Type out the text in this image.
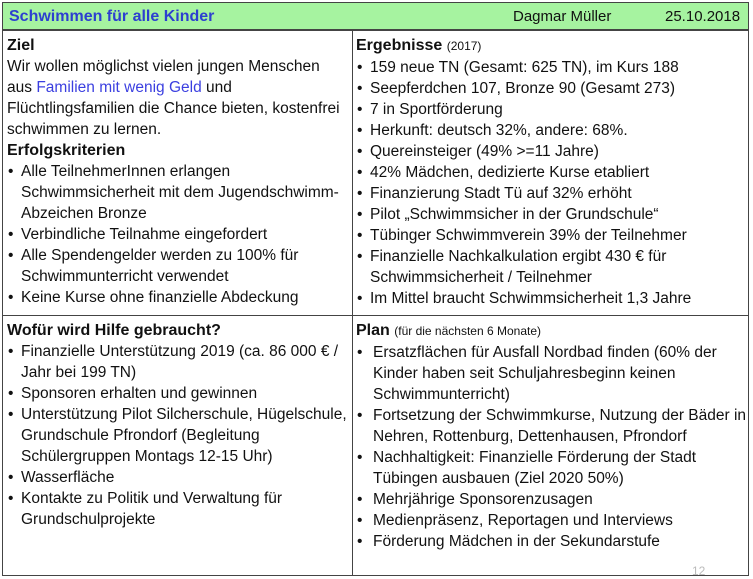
Schwimmen für alle Kinder	Dagmar Müller	25.10.2018
Ziel
Wir wollen möglichst vielen jungen Menschen aus Familien mit wenig Geld und Flüchtlingsfamilien die Chance bieten, kostenfrei schwimmen zu lernen.
Erfolgskriterien
• Alle TeilnehmerInnen erlangen Schwimmsicherheit mit dem Jugendschwimm-Abzeichen Bronze
• Verbindliche Teilnahme eingefordert
• Alle Spendengelder werden zu 100% für Schwimmunterricht verwendet
• Keine Kurse ohne finanzielle Abdeckung
Ergebnisse (2017)
• 159 neue TN (Gesamt: 625 TN), im Kurs 188
• Seepferdchen 107, Bronze 90 (Gesamt 273)
• 7 in Sportförderung
• Herkunft: deutsch 32%, andere: 68%.
• Quereinsteiger (49% >=11 Jahre)
• 42% Mädchen, dedizierte Kurse etabliert
• Finanzierung Stadt Tü auf 32% erhöht
• Pilot „Schwimmsicher in der Grundschule“
• Tübinger Schwimmverein 39% der Teilnehmer
• Finanzielle Nachkalkulation ergibt 430 € für Schwimmsicherheit / Teilnehmer
• Im Mittel braucht Schwimmsicherheit 1,3 Jahre
Wofür wird Hilfe gebraucht?
• Finanzielle Unterstützung 2019 (ca. 86 000 € / Jahr bei 199 TN)
• Sponsoren erhalten und gewinnen
• Unterstützung Pilot Silcherschule, Hügelschule, Grundschule Pfrondorf (Begleitung Schülergruppen Montags 12-15 Uhr)
• Wasserfläche
• Kontakte zu Politik und Verwaltung für Grundschulprojekte
Plan (für die nächsten 6 Monate)
• Ersatzflächen für Ausfall Nordbad finden (60% der Kinder haben seit Schuljahresbeginn keinen Schwimmunterricht)
• Fortsetzung der Schwimmkurse, Nutzung der Bäder in Nehren, Rottenburg, Dettenhausen, Pfrondorf
• Nachhaltigkeit: Finanzielle Förderung der Stadt Tübingen ausbauen (Ziel 2020 50%)
• Mehrjährige Sponsorenzusagen
• Medienpräsenz, Reportagen und Interviews
• Förderung Mädchen in der Sekundarstufe
12
